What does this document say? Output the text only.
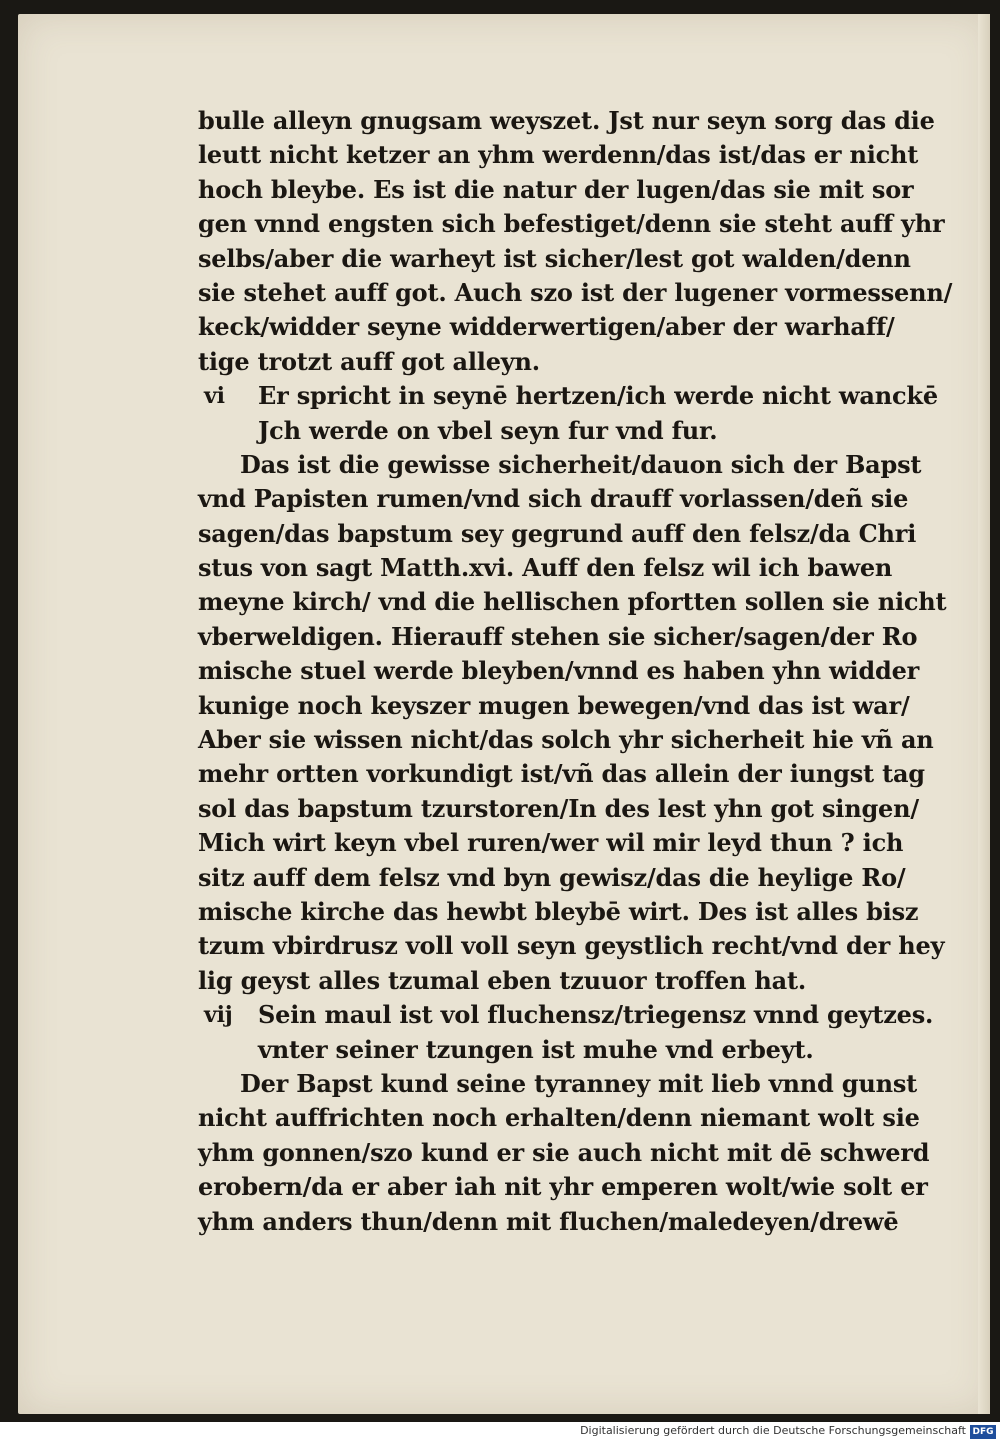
bulle alleyn gnugsam weyszet. Jst nur seyn sorg das die
leutt nicht ketzer an yhm werdenn/das ist/das er nicht
hoch bleybe. Es ist die natur der lugen/das sie mit sor
gen vnnd engsten sich befestiget/denn sie steht auff yhr
selbs/aber die warheyt ist sicher/lest got walden/denn
sie stehet auff got. Auch szo ist der lugener vormessenn/
keck/widder seyne widderwertigen/aber der warhaff/
tige trotzt auff got alleyn.
vi Er spricht in seynē hertzen/ich werde nicht wanckē
Jch werde on vbel seyn fur vnd fur.
Das ist die gewisse sicherheit/dauon sich der Bapst
vnd Papisten rumen/vnd sich drauff vorlassen/deñ sie
sagen/das bapstum sey gegrund auff den felsz/da Chri
stus von sagt Matth.xvi. Auff den felsz wil ich bawen
meyne kirch/ vnd die hellischen pfortten sollen sie nicht
vberweldigen. Hierauff stehen sie sicher/sagen/der Ro
mische stuel werde bleyben/vnnd es haben yhn widder
kunige noch keyszer mugen bewegen/vnd das ist war/
Aber sie wissen nicht/das solch yhr sicherheit hie vñ an
mehr ortten vorkundigt ist/vñ das allein der iungst tag
sol das bapstum tzurstoren/In des lest yhn got singen/
Mich wirt keyn vbel ruren/wer wil mir leyd thun ? ich
sitz auff dem felsz vnd byn gewisz/das die heylige Ro/
mische kirche das hewbt bleybē wirt. Des ist alles bisz
tzum vbirdrusz voll voll seyn geystlich recht/vnd der hey
lig geyst alles tzumal eben tzuuor troffen hat.
vij Sein maul ist vol fluchensz/triegensz vnnd geytzes.
vnter seiner tzungen ist muhe vnd erbeyt.
Der Bapst kund seine tyranney mit lieb vnnd gunst
nicht auffrichten noch erhalten/denn niemant wolt sie
yhm gonnen/szo kund er sie auch nicht mit dē schwerd
erobern/da er aber iah nit yhr emperen wolt/wie solt er
yhm anders thun/denn mit fluchen/maledeyen/drewē
Digitalisierung gefördert durch die Deutsche Forschungsgemeinschaft DFG
